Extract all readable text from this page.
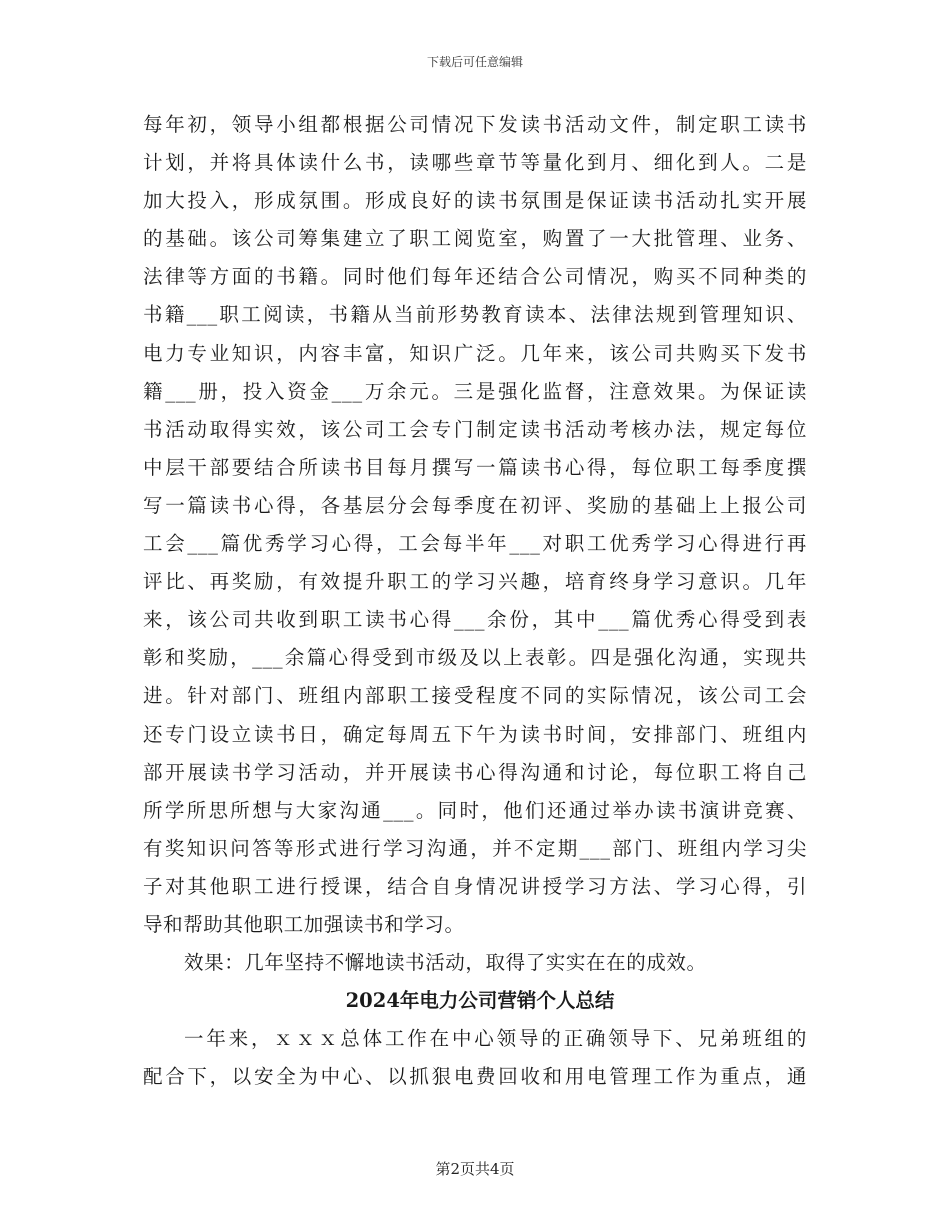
下载后可任意编辑

每年初，领导小组都根据公司情况下发读书活动文件，制定职工读书
计划，并将具体读什么书，读哪些章节等量化到月、细化到人。二是
加大投入，形成氛围。形成良好的读书氛围是保证读书活动扎实开展
的基础。该公司筹集建立了职工阅览室，购置了一大批管理、业务、
法律等方面的书籍。同时他们每年还结合公司情况，购买不同种类的
书籍___职工阅读，书籍从当前形势教育读本、法律法规到管理知识、
电力专业知识，内容丰富，知识广泛。几年来，该公司共购买下发书
籍___册，投入资金___万余元。三是强化监督，注意效果。为保证读
书活动取得实效，该公司工会专门制定读书活动考核办法，规定每位
中层干部要结合所读书目每月撰写一篇读书心得，每位职工每季度撰
写一篇读书心得，各基层分会每季度在初评、奖励的基础上上报公司
工会___篇优秀学习心得，工会每半年___对职工优秀学习心得进行再
评比、再奖励，有效提升职工的学习兴趣，培育终身学习意识。几年
来，该公司共收到职工读书心得___余份，其中___篇优秀心得受到表
彰和奖励，___余篇心得受到市级及以上表彰。四是强化沟通，实现共
进。针对部门、班组内部职工接受程度不同的实际情况，该公司工会
还专门设立读书日，确定每周五下午为读书时间，安排部门、班组内
部开展读书学习活动，并开展读书心得沟通和讨论，每位职工将自己
所学所思所想与大家沟通___。同时，他们还通过举办读书演讲竞赛、
有奖知识问答等形式进行学习沟通，并不定期___部门、班组内学习尖
子对其他职工进行授课，结合自身情况讲授学习方法、学习心得，引
导和帮助其他职工加强读书和学习。

效果：几年坚持不懈地读书活动，取得了实实在在的成效。

2024年电力公司营销个人总结

一年来，ｘｘｘ总体工作在中心领导的正确领导下、兄弟班组的
配合下，以安全为中心、以抓狠电费回收和用电管理工作为重点，通

第2页共4页
